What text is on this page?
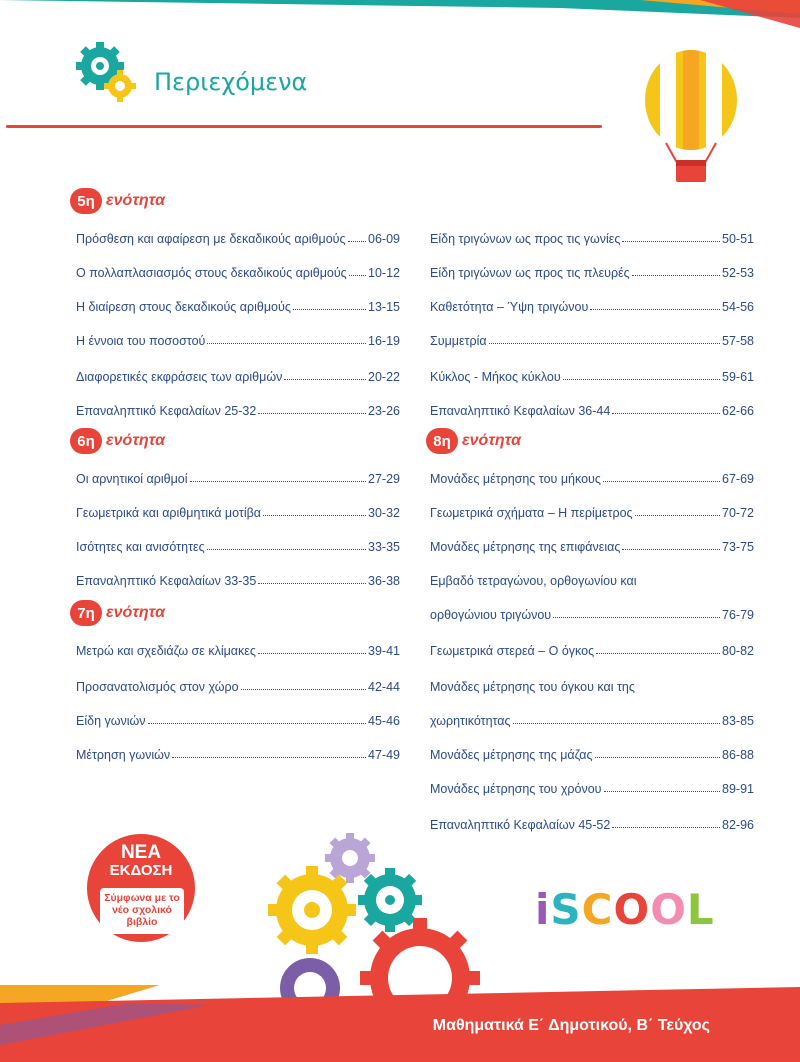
Περιεχόμενα
5η ενότητα
Πρόσθεση και αφαίρεση με δεκαδικούς αριθμούς 06-09
Ο πολλαπλασιασμός στους δεκαδικούς αριθμούς 10-12
Η διαίρεση στους δεκαδικούς αριθμούς	13-15
Η έννοια του ποσοστού	16-19
Διαφορετικές εκφράσεις των αριθμών	20-22
Επαναληπτικό Κεφαλαίων 25-32	23-26
6η ενότητα
Οι αρνητικοί αριθμοί	27-29
Γεωμετρικά και αριθμητικά μοτίβα	30-32
Ισότητες και ανισότητες	33-35
Επαναληπτικό Κεφαλαίων 33-35	36-38
7η ενότητα
Μετρώ και σχεδιάζω σε κλίμακες	39-41
Προσανατολισμός στον χώρο	42-44
Είδη γωνιών	45-46
Μέτρηση γωνιών	47-49
Είδη τριγώνων ως προς τις γωνίες	50-51
Είδη τριγώνων ως προς τις πλευρές	52-53
Καθετότητα – Ύψη τριγώνου	54-56
Συμμετρία	57-58
Κύκλος - Μήκος κύκλου	59-61
Επαναληπτικό Κεφαλαίων 36-44	62-66
8η ενότητα
Μονάδες μέτρησης του μήκους	67-69
Γεωμετρικά σχήματα – Η περίμετρος	70-72
Μονάδες μέτρησης της επιφάνειας	73-75
Εμβαδό τετραγώνου, ορθογωνίου και
ορθογώνιου τριγώνου	76-79
Γεωμετρικά στερεά – Ο όγκος	80-82
Μονάδες μέτρησης του όγκου και της
χωρητικότητας	83-85
Μονάδες μέτρησης της μάζας	86-88
Μονάδες μέτρησης του χρόνου	89-91
Επαναληπτικό Κεφαλαίων 45-52	82-96
ΝΕΑ
ΕΚΔΟΣΗ
Σύμφωνα με το νέο σχολικό βιβλίο	iSCOOL
Μαθηματικά Ε΄ Δημοτικού, Β΄ Τεύχος
